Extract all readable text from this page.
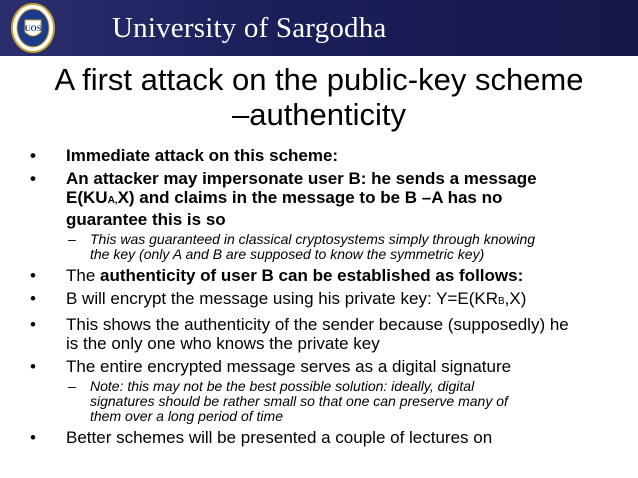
UOS University of Sargodha
A first attack on the public-key scheme
–authenticity
• Immediate attack on this scheme:
• An attacker may impersonate user B: he sends a message
E(KUA,X) and claims in the message to be B –A has no
guarantee this is so
– This was guaranteed in classical cryptosystems simply through knowing
the key (only A and B are supposed to know the symmetric key)
• The authenticity of user B can be established as follows:
• B will encrypt the message using his private key: Y=E(KRB,X)
• This shows the authenticity of the sender because (supposedly) he
is the only one who knows the private key
• The entire encrypted message serves as a digital signature
– Note: this may not be the best possible solution: ideally, digital
signatures should be rather small so that one can preserve many of
them over a long period of time
• Better schemes will be presented a couple of lectures on
